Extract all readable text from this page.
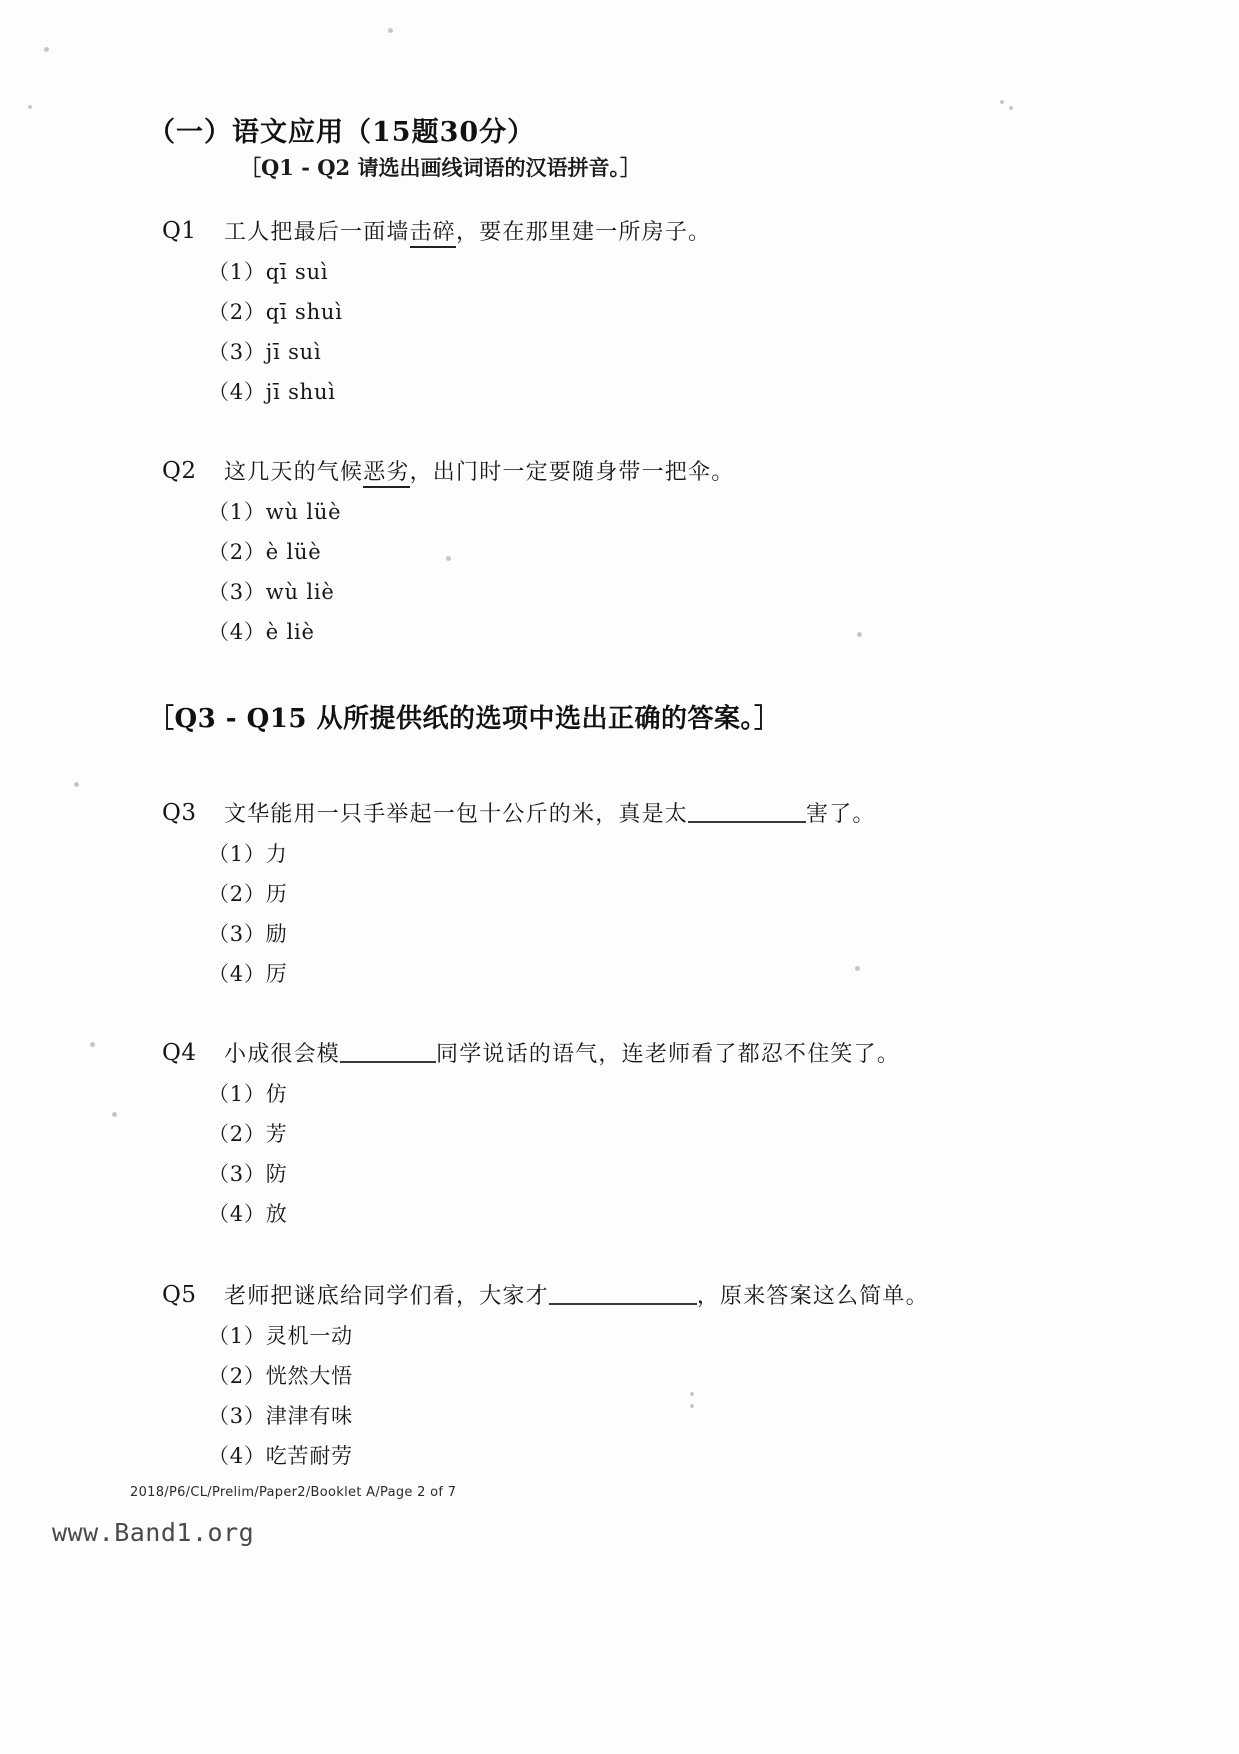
（一）语文应用（15题30分）
［Q1 - Q2 请选出画线词语的汉语拼音。］
Q1	工人把最后一面墙击碎，要在那里建一所房子。
（1）qī suì
（2）qī shuì
（3）jī suì
（4）jī shuì
Q2	这几天的气候恶劣，出门时一定要随身带一把伞。
（1）wù lüè
（2）è lüè
（3）wù liè
（4）è liè
［Q3 - Q15 从所提供纸的选项中选出正确的答案。］
Q3	文华能用一只手举起一包十公斤的米，真是太	害了。
（1）力
（2）历
（3）励
（4）厉
Q4	小成很会模	同学说话的语气，连老师看了都忍不住笑了。
（1）仿
（2）芳
（3）防
（4）放
Q5	老师把谜底给同学们看，大家才	，原来答案这么简单。
（1）灵机一动
（2）恍然大悟
（3）津津有味
（4）吃苦耐劳
2018/P6/CL/Prelim/Paper2/Booklet A/Page 2 of 7
www.Band1.org
